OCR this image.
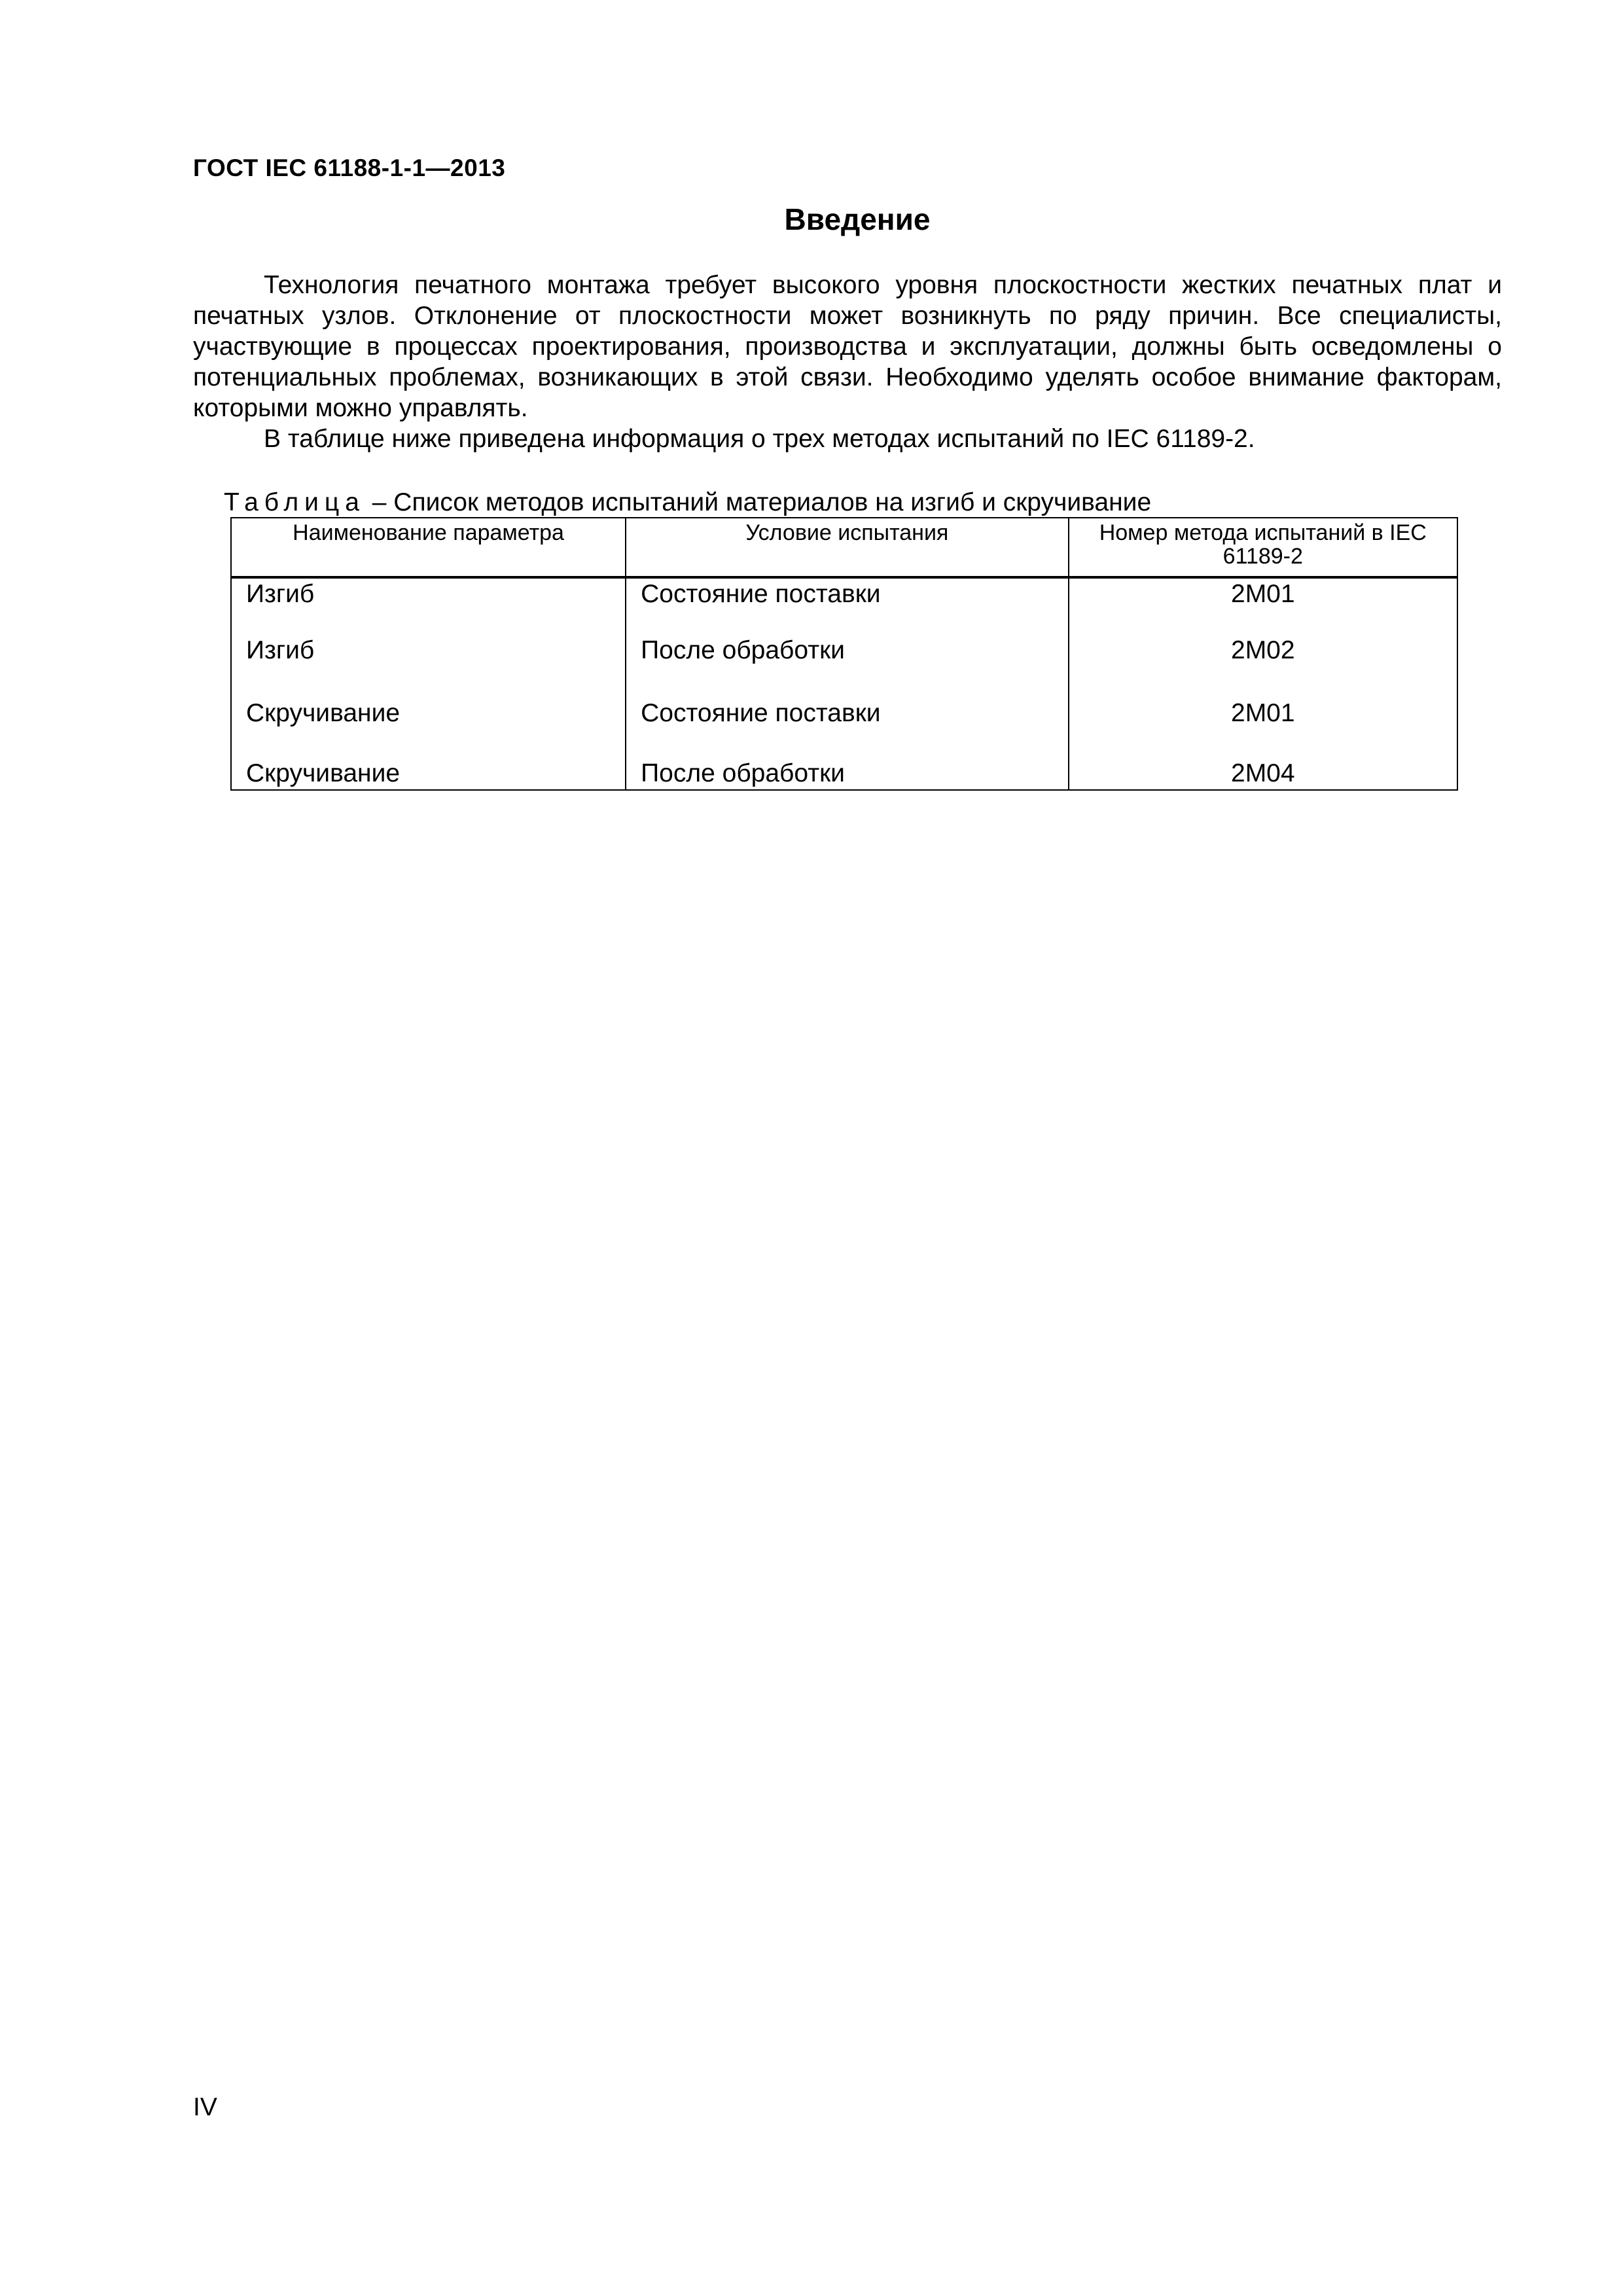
ГОСТ IEC 61188-1-1—2013
Введение

Технология печатного монтажа требует высокого уровня плоскостности жестких печатных плат и печатных узлов. Отклонение от плоскостности может возникнуть по ряду причин. Все специалисты, участвующие в процессах проектирования, производства и эксплуатации, должны быть осведомлены о потенциальных проблемах, возникающих в этой связи. Необходимо уделять особое внимание факторам, которыми можно управлять.

В таблице ниже приведена информация о трех методах испытаний по IEC 61189-2.

Таблица – Список методов испытаний материалов на изгиб и скручивание
Наименование параметра	Условие испытания	Номер метода испытаний в IEC 61189-2
Изгиб	Состояние поставки	2M01
Изгиб	После обработки	2M02
Скручивание	Состояние поставки	2M01
Скручивание	После обработки	2M04
IV
